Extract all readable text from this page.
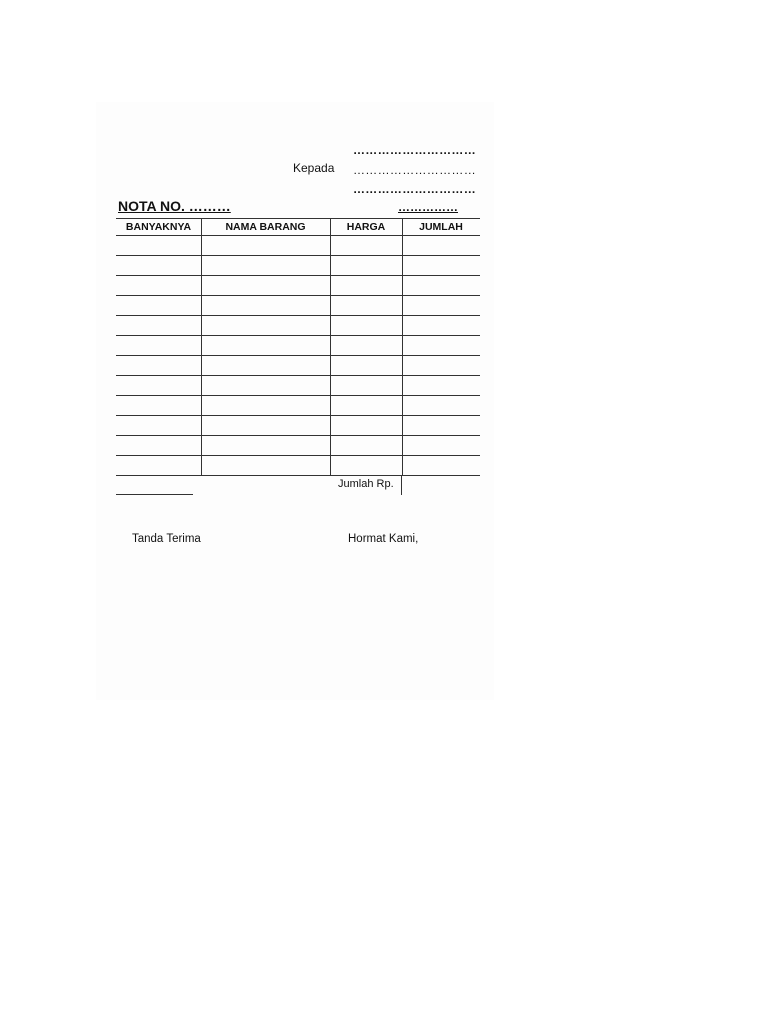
…………………………
Kepada …………………………
…………………………
NOTA NO. ………	……………
BANYAKNYA	NAMA BARANG	HARGA	JUMLAH
Jumlah Rp.
Tanda Terima	Hormat Kami,
